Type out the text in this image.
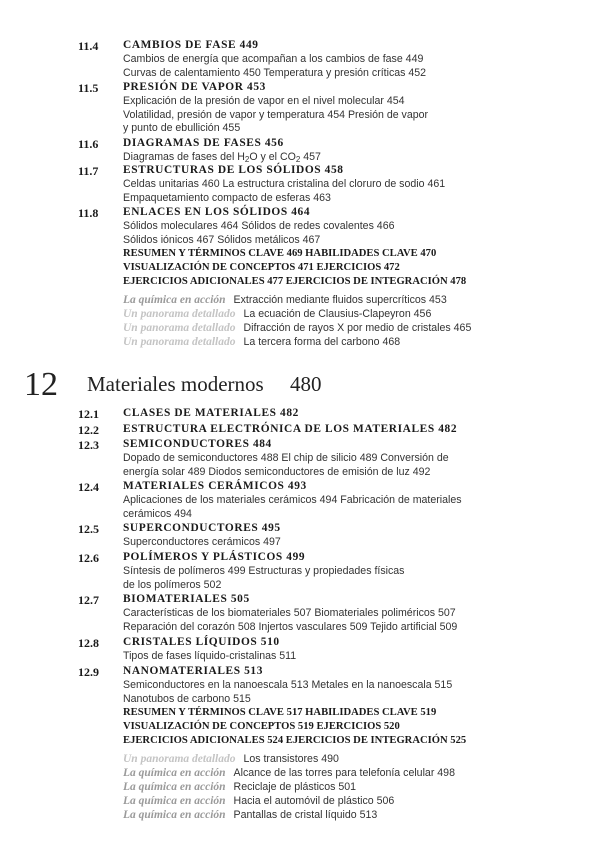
11.4 CAMBIOS DE FASE 449
Cambios de energía que acompañan a los cambios de fase 449
Curvas de calentamiento 450 Temperatura y presión críticas 452
11.5 PRESIÓN DE VAPOR 453
Explicación de la presión de vapor en el nivel molecular 454
Volatilidad, presión de vapor y temperatura 454 Presión de vapor
y punto de ebullición 455
11.6 DIAGRAMAS DE FASES 456
Diagramas de fases del $H_2O$ y el $CO_2$ 457
11.7 ESTRUCTURAS DE LOS SÓLIDOS 458
Celdas unitarias 460 La estructura cristalina del cloruro de sodio 461
Empaquetamiento compacto de esferas 463
11.8 ENLACES EN LOS SÓLIDOS 464
Sólidos moleculares 464 Sólidos de redes covalentes 466
Sólidos iónicos 467 Sólidos metálicos 467
RESUMEN Y TÉRMINOS CLAVE 469 HABILIDADES CLAVE 470
VISUALIZACIÓN DE CONCEPTOS 471 EJERCICIOS 472
EJERCICIOS ADICIONALES 477 EJERCICIOS DE INTEGRACIÓN 478
La química en acción Extracción mediante fluidos supercríticos 453
Un panorama detallado La ecuación de Clausius-Clapeyron 456
Un panorama detallado Difracción de rayos X por medio de cristales 465
Un panorama detallado La tercera forma del carbono 468
12 Materiales modernos 480
12.1 CLASES DE MATERIALES 482
12.2 ESTRUCTURA ELECTRÓNICA DE LOS MATERIALES 482
12.3 SEMICONDUCTORES 484
Dopado de semiconductores 488 El chip de silicio 489 Conversión de
energía solar 489 Diodos semiconductores de emisión de luz 492
12.4 MATERIALES CERÁMICOS 493
Aplicaciones de los materiales cerámicos 494 Fabricación de materiales
cerámicos 494
12.5 SUPERCONDUCTORES 495
Superconductores cerámicos 497
12.6 POLÍMEROS Y PLÁSTICOS 499
Síntesis de polímeros 499 Estructuras y propiedades físicas
de los polímeros 502
12.7 BIOMATERIALES 505
Características de los biomateriales 507 Biomateriales poliméricos 507
Reparación del corazón 508 Injertos vasculares 509 Tejido artificial 509
12.8 CRISTALES LÍQUIDOS 510
Tipos de fases líquido-cristalinas 511
12.9 NANOMATERIALES 513
Semiconductores en la nanoescala 513 Metales en la nanoescala 515
Nanotubos de carbono 515
RESUMEN Y TÉRMINOS CLAVE 517 HABILIDADES CLAVE 519
VISUALIZACIÓN DE CONCEPTOS 519 EJERCICIOS 520
EJERCICIOS ADICIONALES 524 EJERCICIOS DE INTEGRACIÓN 525
Un panorama detallado Los transistores 490
La química en acción Alcance de las torres para telefonía celular 498
La química en acción Reciclaje de plásticos 501
La química en acción Hacia el automóvil de plástico 506
La química en acción Pantallas de cristal líquido 513
